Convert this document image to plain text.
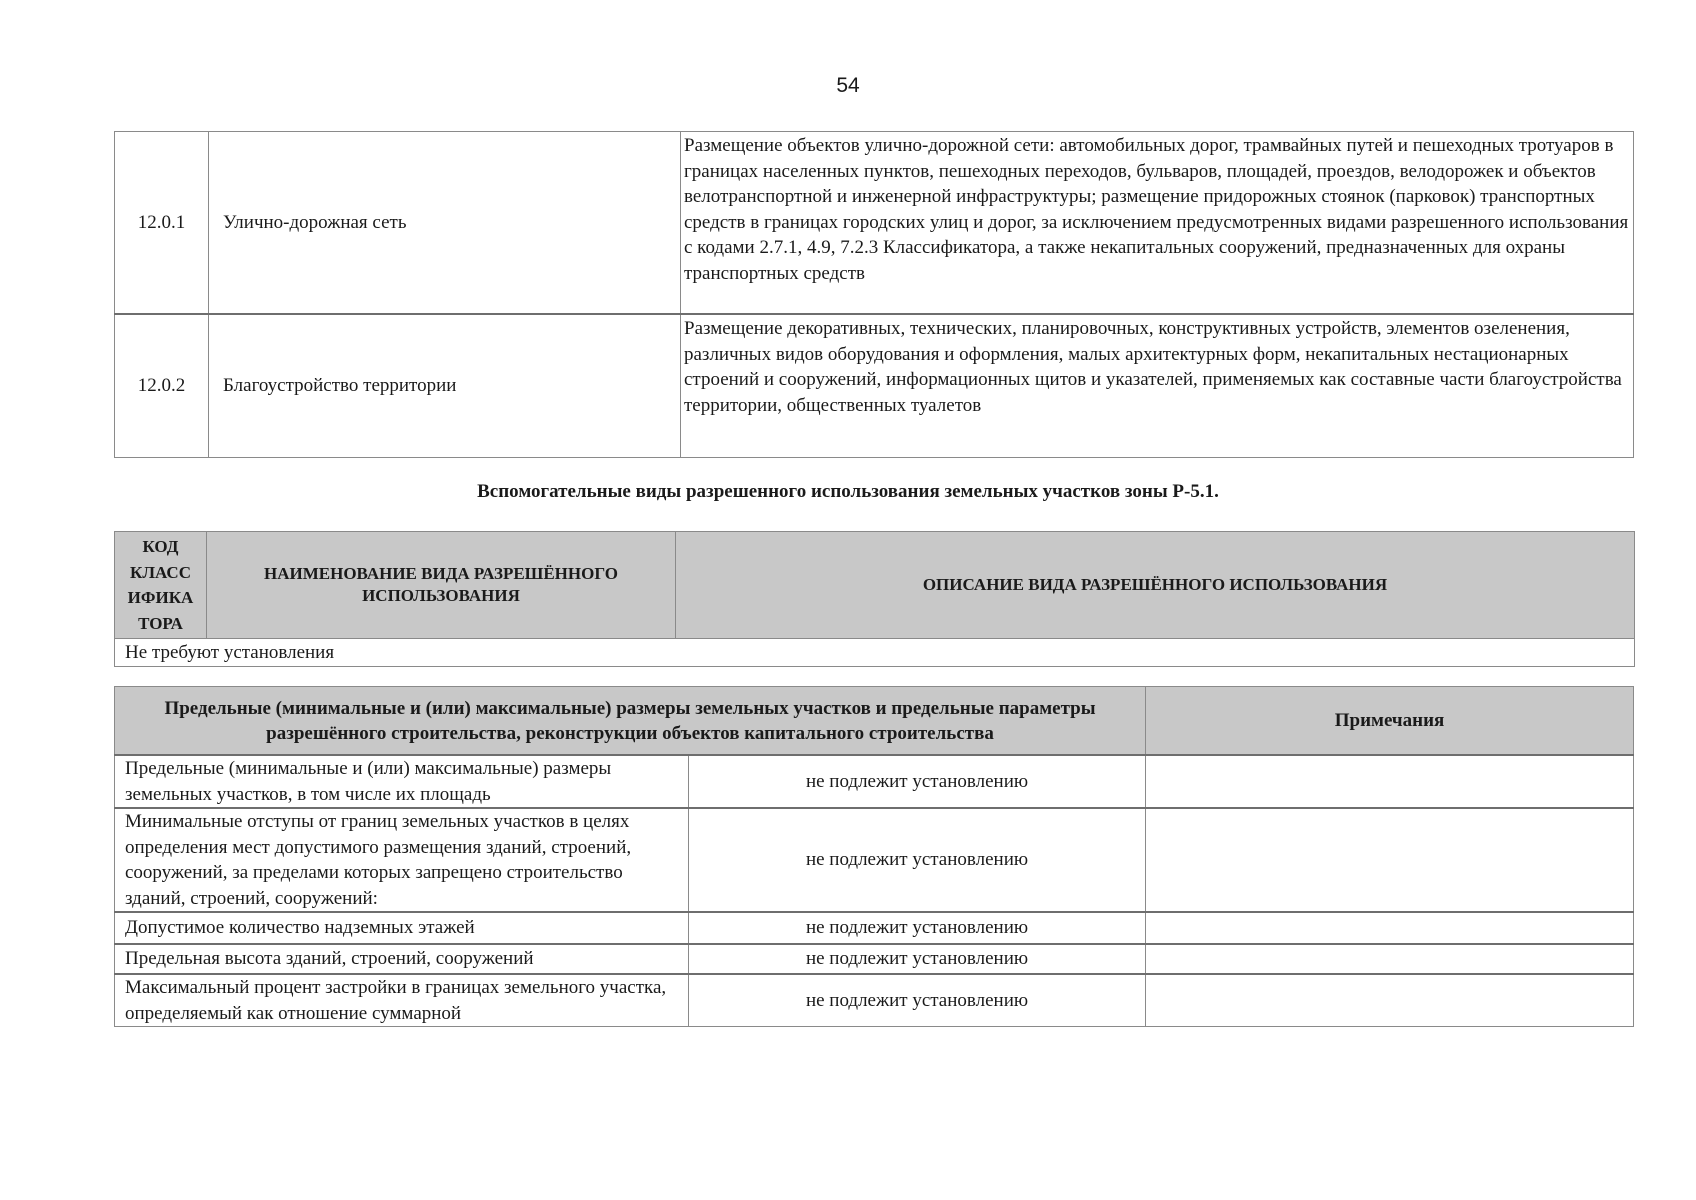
54
12.0.1	Улично-дорожная сеть	Размещение объектов улично-дорожной сети: автомобильных дорог, трамвайных путей и пешеходных тротуаров в границах населенных пунктов, пешеходных переходов, бульваров, площадей, проездов, велодорожек и объектов велотранспортной и инженерной инфраструктуры; размещение придорожных стоянок (парковок) транспортных средств в границах городских улиц и дорог, за исключением предусмотренных видами разрешенного использования с кодами 2.7.1, 4.9, 7.2.3 Классификатора, а также некапитальных сооружений, предназначенных для охраны транспортных средств
12.0.2	Благоустройство территории	Размещение декоративных, технических, планировочных, конструктивных устройств, элементов озеленения, различных видов оборудования и оформления, малых архитектурных форм, некапитальных нестационарных строений и сооружений, информационных щитов и указателей, применяемых как составные части благоустройства территории, общественных туалетов
Вспомогательные виды разрешенного использования земельных участков зоны Р-5.1.
КОД КЛАСС ИФИКА ТОРА	НАИМЕНОВАНИЕ ВИДА РАЗРЕШЁННОГО ИСПОЛЬЗОВАНИЯ	ОПИСАНИЕ ВИДА РАЗРЕШЁННОГО ИСПОЛЬЗОВАНИЯ
Не требуют установления
Предельные (минимальные и (или) максимальные) размеры земельных участков и предельные параметры разрешённого строительства, реконструкции объектов капитального строительства		Примечания
Предельные (минимальные и (или) максимальные) размеры земельных участков, в том числе их площадь	не подлежит установлению	
Минимальные отступы от границ земельных участков в целях определения мест допустимого размещения зданий, строений, сооружений, за пределами которых запрещено строительство зданий, строений, сооружений:	не подлежит установлению	
Допустимое количество надземных этажей	не подлежит установлению	
Предельная высота зданий, строений, сооружений	не подлежит установлению	
Максимальный процент застройки в границах земельного участка, определяемый как отношение суммарной	не подлежит установлению	
